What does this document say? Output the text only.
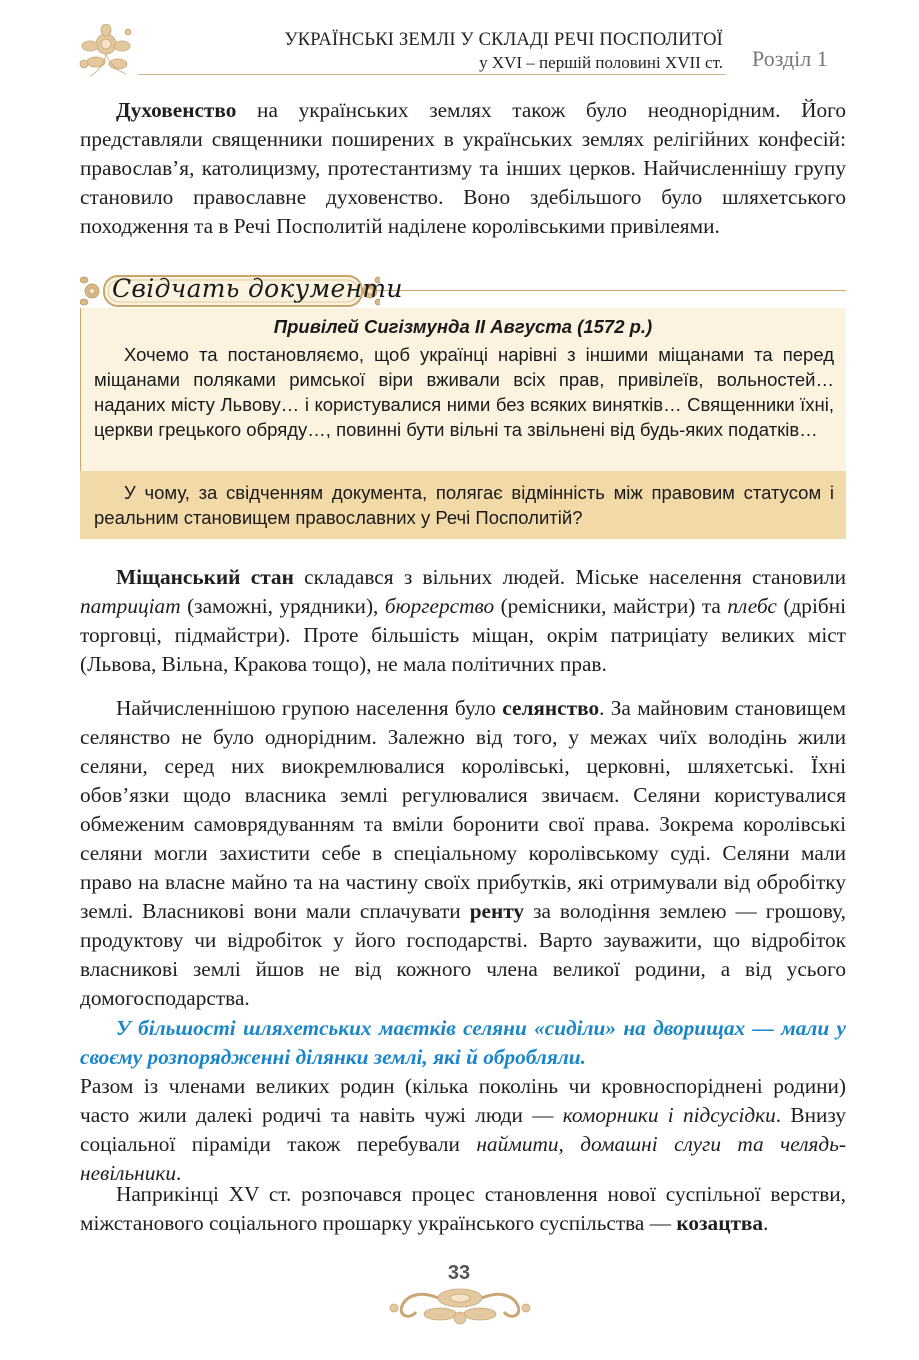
УКРАЇНСЬКІ ЗЕМЛІ У СКЛАДІ РЕЧІ ПОСПОЛИТОЇ
у XVI – першій половині XVII ст. Розділ 1

Духовенство на українських землях також було неоднорідним. Його представляли священники поширених в українських землях релігійних конфесій: православ’я, католицизму, протестантизму та інших церков. Найчисленнішу групу становило православне духовенство. Воно здебільшого було шляхетського походження та в Речі Посполитій наділене королівськими привілеями.

Свідчать документи
Привілей Сигізмунда ІІ Августа (1572 р.)

Хочемо та постановляємо, щоб українці нарівні з іншими міщанами та перед міщанами поляками римської віри вживали всіх прав, привілеїв, вольностей… наданих місту Львову… і користувалися ними без всяких винятків… Священники їхні, церкви грецького обряду…, повинні бути вільні та звільнені від будь-яких податків…

У чому, за свідченням документа, полягає відмінність між правовим статусом і реальним становищем православних у Речі Посполитій?

Міщанський стан складався з вільних людей. Міське населення становили патриціат (заможні, урядники), бюргерство (ремісники, майстри) та плебс (дрібні торговці, підмайстри). Проте більшість міщан, окрім патриціату великих міст (Львова, Вільна, Кракова тощо), не мала політичних прав.

Найчисленнішою групою населення було селянство. За майновим становищем селянство не було однорідним. Залежно від того, у межах чиїх володінь жили селяни, серед них виокремлювалися королівські, церковні, шляхетські. Їхні обов’язки щодо власника землі регулювалися звичаєм. Селяни користувалися обмеженим самоврядуванням та вміли боронити свої права. Зокрема королівські селяни могли захистити себе в спеціальному королівському суді. Селяни мали право на власне майно та на частину своїх прибутків, які отримували від обробітку землі. Власникові вони мали сплачувати ренту за володіння землею — грошову, продуктову чи відробіток у його господарстві. Варто зауважити, що відробіток власникові землі йшов не від кожного члена великої родини, а від усього домогосподарства.

У більшості шляхетських маєтків селяни «сиділи» на дворищах — мали у своєму розпорядженні ділянки землі, які й обробляли.

Разом із членами великих родин (кілька поколінь чи кровноспоріднені родини) часто жили далекі родичі та навіть чужі люди — коморники і підсусідки. Внизу соціальної піраміди також перебували наймити, домашні слуги та челядь-невільники.

Наприкінці XV ст. розпочався процес становлення нової суспільної верстви, міжстанового соціального прошарку українського суспільства — козацтва.

33
